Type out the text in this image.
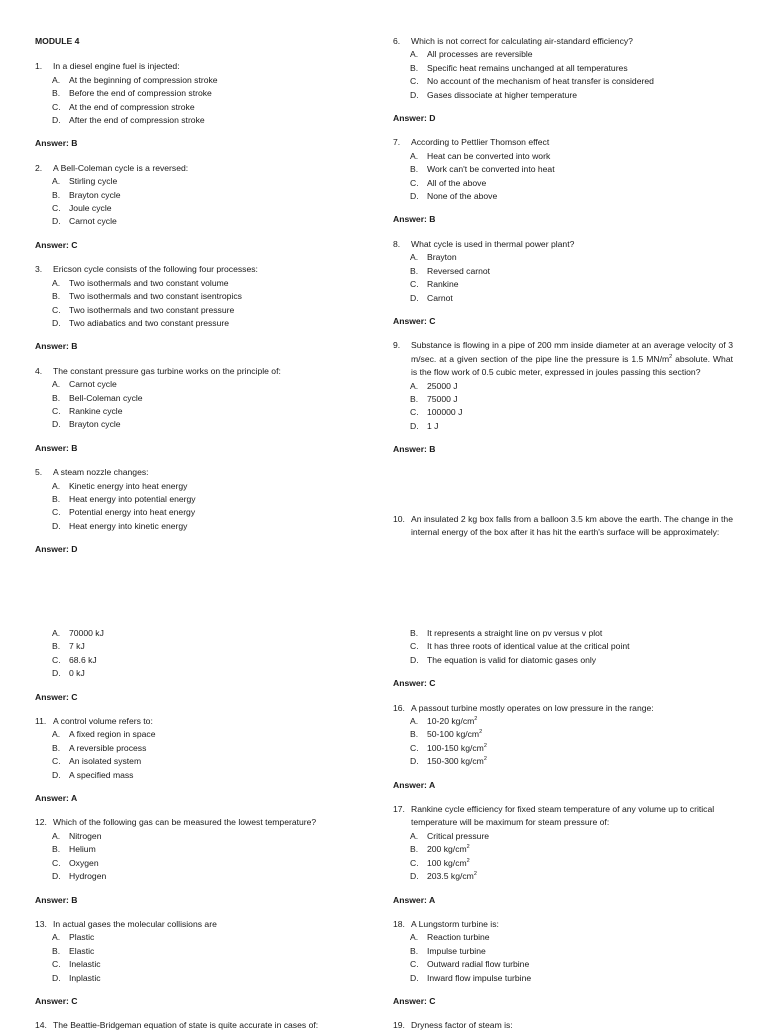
MODULE 4
1. In a diesel engine fuel is injected:
A. At the beginning of compression stroke
B. Before the end of compression stroke
C. At the end of compression stroke
D. After the end of compression stroke
Answer: B
2. A Bell-Coleman cycle is a reversed:
A. Stirling cycle
B. Brayton cycle
C. Joule cycle
D. Carnot cycle
Answer: C
3. Ericson cycle consists of the following four processes:
A. Two isothermals and two constant volume
B. Two isothermals and two constant isentropics
C. Two isothermals and two constant pressure
D. Two adiabatics and two constant pressure
Answer: B
4. The constant pressure gas turbine works on the principle of:
A. Carnot cycle
B. Bell-Coleman cycle
C. Rankine cycle
D. Brayton cycle
Answer: B
5. A steam nozzle changes:
A. Kinetic energy into heat energy
B. Heat energy into potential energy
C. Potential energy into heat energy
D. Heat energy into kinetic energy
Answer: D
6. Which is not correct for calculating air-standard efficiency?
A. All processes are reversible
B. Specific heat remains unchanged at all temperatures
C. No account of the mechanism of heat transfer is considered
D. Gases dissociate at higher temperature
Answer: D
7. According to Pettlier Thomson effect
A. Heat can be converted into work
B. Work can't be converted into heat
C. All of the above
D. None of the above
Answer: B
8. What cycle is used in thermal power plant?
A. Brayton
B. Reversed carnot
C. Rankine
D. Carnot
Answer: C
9. Substance is flowing in a pipe of 200 mm inside diameter at an average velocity of 3 m/sec. at a given section of the pipe line the pressure is 1.5 $MN/m^2$ absolute. What is the flow work of 0.5 cubic meter, expressed in joules passing this section?
A. 25000 J
B. 75000 J
C. 100000 J
D. 1 J
Answer: B
10. An insulated 2 kg box falls from a balloon 3.5 km above the earth. The change in the internal energy of the box after it has hit the earth's surface will be approximately:
A. 70000 kJ
B. 7 kJ
C. 68.6 kJ
D. 0 kJ
Answer: C
11. A control volume refers to:
A. A fixed region in space
B. A reversible process
C. An isolated system
D. A specified mass
Answer: A
12. Which of the following gas can be measured the lowest temperature?
A. Nitrogen
B. Helium
C. Oxygen
D. Hydrogen
Answer: B
13. In actual gases the molecular collisions are
A. Plastic
B. Elastic
C. Inelastic
D. Inplastic
Answer: C
14. The Beattie-Bridgeman equation of state is quite accurate in cases of:
B. It represents a straight line on pv versus v plot
C. It has three roots of identical value at the critical point
D. The equation is valid for diatomic gases only
Answer: C
16. A passout turbine mostly operates on low pressure in the range:
A. 10-20 $kg/cm^2$
B. 50-100 $kg/cm^2$
C. 100-150 $kg/cm^2$
D. 150-300 $kg/cm^2$
Answer: A
17. Rankine cycle efficiency for fixed steam temperature of any volume up to critical temperature will be maximum for steam pressure of:
A. Critical pressure
B. 200 $kg/cm^2$
C. 100 $kg/cm^2$
D. 203.5 $kg/cm^2$
Answer: A
18. A Lungstorm turbine is:
A. Reaction turbine
B. Impulse turbine
C. Outward radial flow turbine
D. Inward flow impulse turbine
Answer: C
19. Dryness factor of steam is:
